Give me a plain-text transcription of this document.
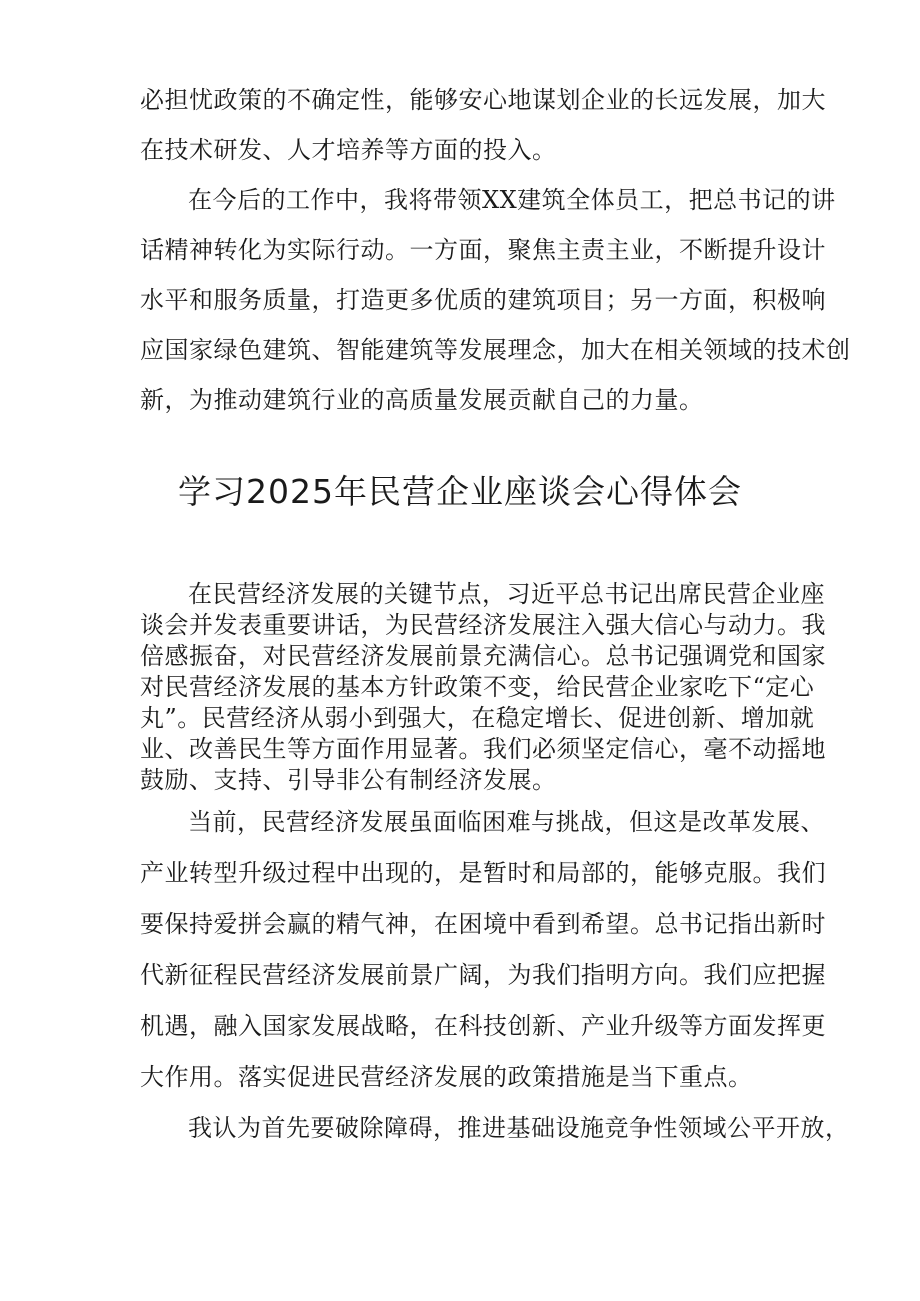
必担忧政策的不确定性，能够安心地谋划企业的长远发展，加大
在技术研发、人才培养等方面的投入。
在今后的工作中，我将带领XX建筑全体员工，把总书记的讲
话精神转化为实际行动。一方面，聚焦主责主业，不断提升设计
水平和服务质量，打造更多优质的建筑项目；另一方面，积极响
应国家绿色建筑、智能建筑等发展理念，加大在相关领域的技术创
新，为推动建筑行业的高质量发展贡献自己的力量。
学习2025年民营企业座谈会心得体会
在民营经济发展的关键节点，习近平总书记出席民营企业座
谈会并发表重要讲话，为民营经济发展注入强大信心与动力。我
倍感振奋，对民营经济发展前景充满信心。总书记强调党和国家
对民营经济发展的基本方针政策不变，给民营企业家吃下“定心
丸”。民营经济从弱小到强大，在稳定增长、促进创新、增加就
业、改善民生等方面作用显著。我们必须坚定信心，毫不动摇地
鼓励、支持、引导非公有制经济发展。
当前，民营经济发展虽面临困难与挑战，但这是改革发展、
产业转型升级过程中出现的，是暂时和局部的，能够克服。我们
要保持爱拼会赢的精气神，在困境中看到希望。总书记指出新时
代新征程民营经济发展前景广阔，为我们指明方向。我们应把握
机遇，融入国家发展战略，在科技创新、产业升级等方面发挥更
大作用。落实促进民营经济发展的政策措施是当下重点。
我认为首先要破除障碍，推进基础设施竞争性领域公平开放，
